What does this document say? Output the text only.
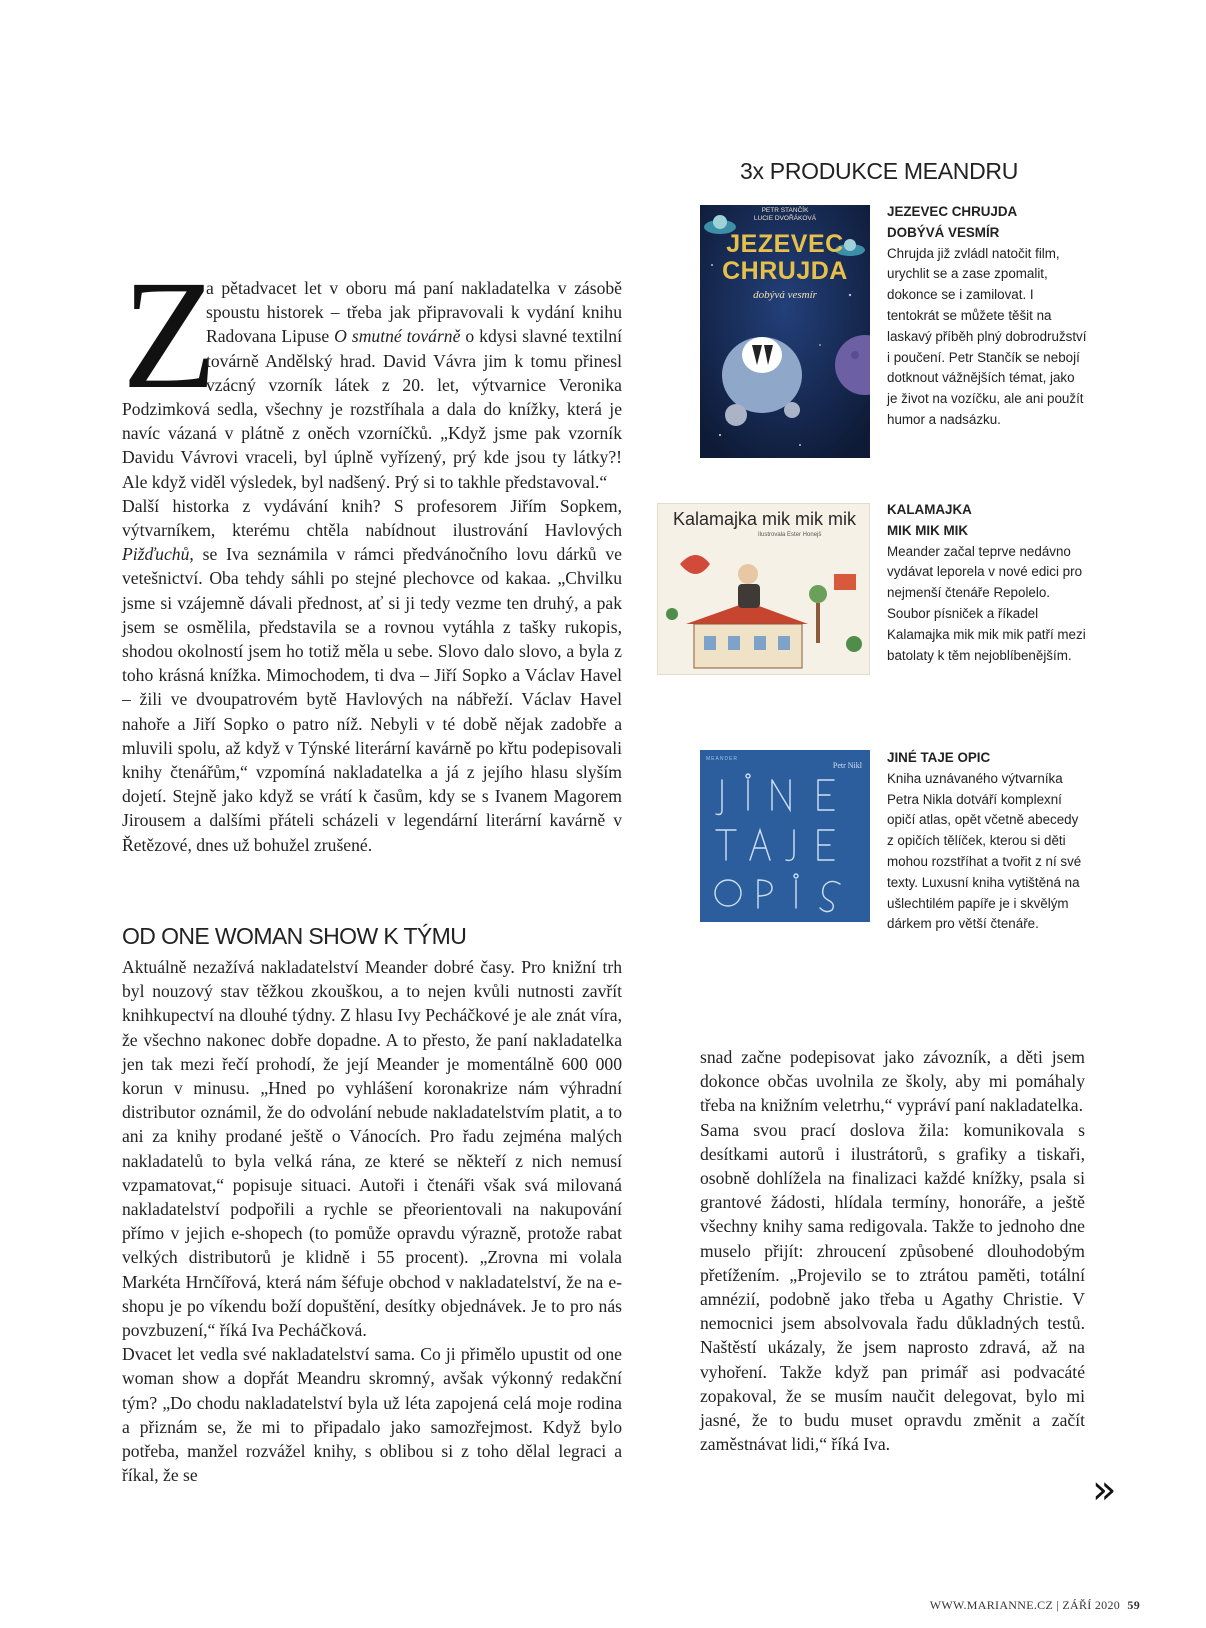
Z

a pětadvacet let v oboru má paní nakladatelka v zásobě spoustu historek – třeba jak připravovali k vydání knihu Radovana Lipuse O smutné továrně o kdysi slavné textilní továrně Andělský hrad. David Vávra jim k tomu přinesl vzácný vzorník látek z 20. let, výtvarnice Veronika Podzimková sedla, všechny je rozstříhala a dala do knížky, která je navíc vázaná v plátně z oněch vzorníčků. „Když jsme pak vzorník Davidu Vávrovi vraceli, byl úplně vyřízený, prý kde jsou ty látky?! Ale když viděl výsledek, byl nadšený. Prý si to takhle představoval.“

Další historka z vydávání knih? S profesorem Jiřím Sopkem, výtvarníkem, kterému chtěla nabídnout ilustrování Havlových Pižďuchů, se Iva seznámila v rámci předvánočního lovu dárků ve vetešnictví. Oba tehdy sáhli po stejné plechovce od kakaa. „Chvilku jsme si vzájemně dávali přednost, ať si ji tedy vezme ten druhý, a pak jsem se osmělila, představila se a rovnou vytáhla z tašky rukopis, shodou okolností jsem ho totiž měla u sebe. Slovo dalo slovo, a byla z toho krásná knížka. Mimochodem, ti dva – Jiří Sopko a Václav Havel – žili ve dvoupatrovém bytě Havlových na nábřeží. Václav Havel nahoře a Jiří Sopko o patro níž. Nebyli v té době nějak zadobře a mluvili spolu, až když v Týnské literární kavárně po křtu podepisovali knihy čtenářům,“ vzpomíná nakladatelka a já z jejího hlasu slyším dojetí. Stejně jako když se vrátí k časům, kdy se s Ivanem Magorem Jirousem a dalšími přáteli scházeli v legendární literární kavárně v Řetězové, dnes už bohužel zrušené.

OD ONE WOMAN SHOW K TÝMU

Aktuálně nezažívá nakladatelství Meander dobré časy. Pro knižní trh byl nouzový stav těžkou zkouškou, a to nejen kvůli nutnosti zavřít knihkupectví na dlouhé týdny. Z hlasu Ivy Pecháčkové je ale znát víra, že všechno nakonec dobře dopadne. A to přesto, že paní nakladatelka jen tak mezi řečí prohodí, že její Meander je momentálně 600 000 korun v minusu. „Hned po vyhlášení koronakrize nám výhradní distributor oznámil, že do odvolání nebude nakladatelstvím platit, a to ani za knihy prodané ještě o Vánocích. Pro řadu zejména malých nakladatelů to byla velká rána, ze které se někteří z nich nemusí vzpamatovat,“ popisuje situaci. Autoři i čtenáři však svá milovaná nakladatelství podpořili a rychle se přeorientovali na nakupování přímo v jejich e-shopech (to pomůže opravdu výrazně, protože rabat velkých distributorů je klidně i 55 procent). „Zrovna mi volala Markéta Hrnčířová, která nám šéfuje obchod v nakladatelství, že na e-shopu je po víkendu boží dopuštění, desítky objednávek. Je to pro nás povzbuzení,“ říká Iva Pecháčková.

Dvacet let vedla své nakladatelství sama. Co ji přimělo upustit od one woman show a dopřát Meandru skromný, avšak výkonný redakční tým? „Do chodu nakladatelství byla už léta zapojená celá moje rodina a přiznám se, že mi to připadalo jako samozřejmost. Když bylo potřeba, manžel rozvážel knihy, s oblibou si z toho dělal legraci a říkal, že se

snad začne podepisovat jako závozník, a děti jsem dokonce občas uvolnila ze školy, aby mi pomáhaly třeba na knižním veletrhu,“ vypráví paní nakladatelka.

Sama svou prací doslova žila: komunikovala s desítkami autorů i ilustrátorů, s grafiky a tiskaři, osobně dohlížela na finalizaci každé knížky, psala si grantové žádosti, hlídala termíny, honoráře, a ještě všechny knihy sama redigovala. Takže to jednoho dne muselo přijít: zhroucení způsobené dlouhodobým přetížením. „Projevilo se to ztrátou paměti, totální amnézií, podobně jako třeba u Agathy Christie. V nemocnici jsem absolvovala řadu důkladných testů. Naštěstí ukázaly, že jsem naprosto zdravá, až na vyhoření. Takže když pan primář asi podvacáté zopakoval, že se musím naučit delegovat, bylo mi jasné, že to budu muset opravdu změnit a začít zaměstnávat lidi,“ říká Iva.

3x PRODUKCE MEANDRU
PETR STANČÍK
LUCIE DVOŘÁKOVÁ
JEZEVEC
CHRUJDA
dobývá vesmír
JEZEVEC CHRUJDA
DOBÝVÁ VESMÍR
Chrujda již zvládl natočit film, urychlit se a zase zpomalit, dokonce se i zamilovat. I tentokrát se můžete těšit na laskavý příběh plný dobrodružství i poučení. Petr Stančík se nebojí dotknout vážnějších témat, jako je život na vozíčku, ale ani použít humor a nadsázku.
Kalamajka mik mik mik
Ilustrovala Ester Honejš
KALAMAJKA
MIK MIK MIK
Meander začal teprve nedávno vydávat leporela v nové edici pro nejmenší čtenáře Repolelo. Soubor písniček a říkadel Kalamajka mik mik mik patří mezi batolaty k těm nejoblíbenějším.
MEANDER
Petr Nikl
JINÉ TAJE OPIC
Kniha uznávaného výtvarníka Petra Nikla dotváří komplexní opičí atlas, opět včetně abecedy z opičích tělíček, kterou si děti mohou rozstříhat a tvořit z ní své texty. Luxusní kniha vytištěná na ušlechtilém papíře je i skvělým dárkem pro větší čtenáře.
»
WWW.MARIANNE.CZ | ZÁŘÍ 2020 59
